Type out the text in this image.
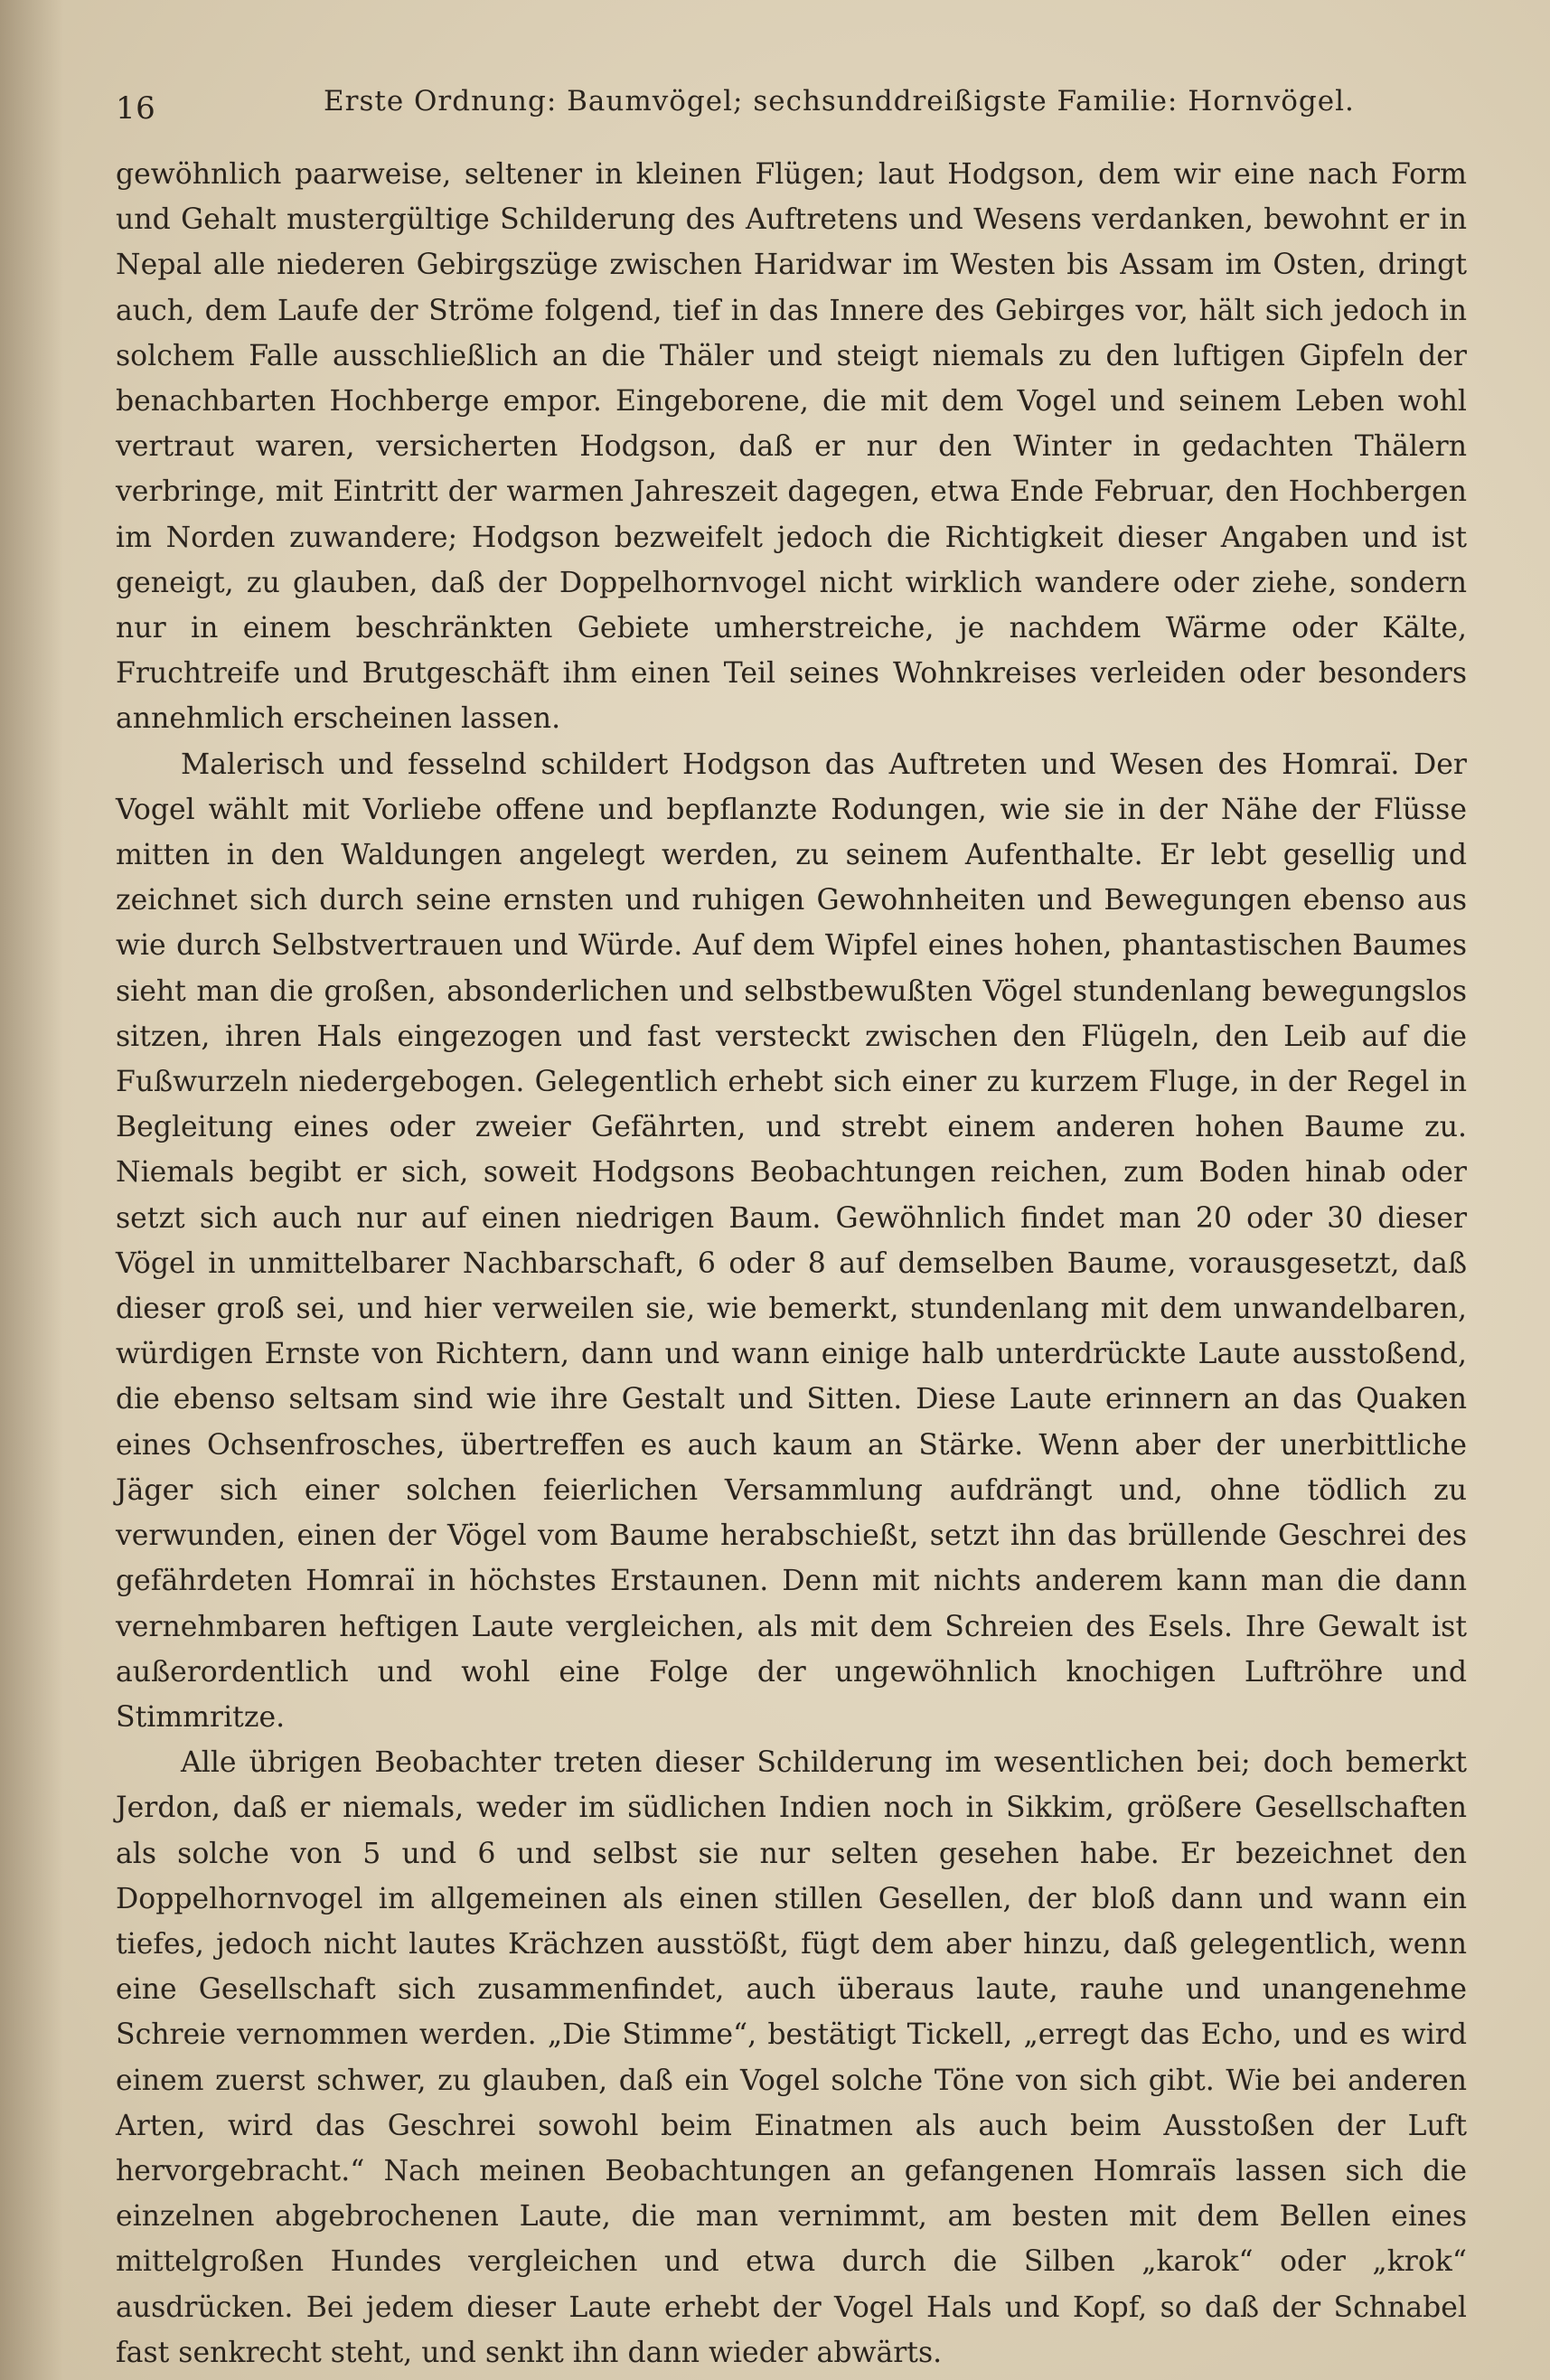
16	Erste Ordnung: Baumvögel; sechsunddreißigste Familie: Hornvögel.

gewöhnlich paarweise, seltener in kleinen Flügen; laut Hodgson, dem wir eine nach Form und Gehalt mustergültige Schilderung des Auftretens und Wesens verdanken, bewohnt er in Nepal alle niederen Gebirgszüge zwischen Haridwar im Westen bis Assam im Osten, dringt auch, dem Laufe der Ströme folgend, tief in das Innere des Gebirges vor, hält sich jedoch in solchem Falle ausschließlich an die Thäler und steigt niemals zu den luftigen Gipfeln der benachbarten Hochberge empor. Eingeborene, die mit dem Vogel und seinem Leben wohl vertraut waren, versicherten Hodgson, daß er nur den Winter in gedachten Thälern verbringe, mit Eintritt der warmen Jahreszeit dagegen, etwa Ende Februar, den Hochbergen im Norden zuwandere; Hodgson bezweifelt jedoch die Richtigkeit dieser Angaben und ist geneigt, zu glauben, daß der Doppelhornvogel nicht wirklich wandere oder ziehe, sondern nur in einem beschränkten Gebiete umherstreiche, je nachdem Wärme oder Kälte, Fruchtreife und Brutgeschäft ihm einen Teil seines Wohnkreises verleiden oder besonders annehmlich erscheinen lassen.

Malerisch und fesselnd schildert Hodgson das Auftreten und Wesen des Homraï. Der Vogel wählt mit Vorliebe offene und bepflanzte Rodungen, wie sie in der Nähe der Flüsse mitten in den Waldungen angelegt werden, zu seinem Aufenthalte. Er lebt gesellig und zeichnet sich durch seine ernsten und ruhigen Gewohnheiten und Bewegungen ebenso aus wie durch Selbstvertrauen und Würde. Auf dem Wipfel eines hohen, phantastischen Baumes sieht man die großen, absonderlichen und selbstbewußten Vögel stundenlang bewegungslos sitzen, ihren Hals eingezogen und fast versteckt zwischen den Flügeln, den Leib auf die Fußwurzeln niedergebogen. Gelegentlich erhebt sich einer zu kurzem Fluge, in der Regel in Begleitung eines oder zweier Gefährten, und strebt einem anderen hohen Baume zu. Niemals begibt er sich, soweit Hodgsons Beobachtungen reichen, zum Boden hinab oder setzt sich auch nur auf einen niedrigen Baum. Gewöhnlich findet man 20 oder 30 dieser Vögel in unmittelbarer Nachbarschaft, 6 oder 8 auf demselben Baume, vorausgesetzt, daß dieser groß sei, und hier verweilen sie, wie bemerkt, stundenlang mit dem unwandelbaren, würdigen Ernste von Richtern, dann und wann einige halb unterdrückte Laute ausstoßend, die ebenso seltsam sind wie ihre Gestalt und Sitten. Diese Laute erinnern an das Quaken eines Ochsenfrosches, übertreffen es auch kaum an Stärke. Wenn aber der unerbittliche Jäger sich einer solchen feierlichen Versammlung aufdrängt und, ohne tödlich zu verwunden, einen der Vögel vom Baume herabschießt, setzt ihn das brüllende Geschrei des gefährdeten Homraï in höchstes Erstaunen. Denn mit nichts anderem kann man die dann vernehmbaren heftigen Laute vergleichen, als mit dem Schreien des Esels. Ihre Gewalt ist außerordentlich und wohl eine Folge der ungewöhnlich knochigen Luftröhre und Stimmritze.

Alle übrigen Beobachter treten dieser Schilderung im wesentlichen bei; doch bemerkt Jerdon, daß er niemals, weder im südlichen Indien noch in Sikkim, größere Gesellschaften als solche von 5 und 6 und selbst sie nur selten gesehen habe. Er bezeichnet den Doppelhornvogel im allgemeinen als einen stillen Gesellen, der bloß dann und wann ein tiefes, jedoch nicht lautes Krächzen ausstößt, fügt dem aber hinzu, daß gelegentlich, wenn eine Gesellschaft sich zusammenfindet, auch überaus laute, rauhe und unangenehme Schreie vernommen werden. „Die Stimme“, bestätigt Tickell, „erregt das Echo, und es wird einem zuerst schwer, zu glauben, daß ein Vogel solche Töne von sich gibt. Wie bei anderen Arten, wird das Geschrei sowohl beim Einatmen als auch beim Ausstoßen der Luft hervorgebracht.“ Nach meinen Beobachtungen an gefangenen Homraïs lassen sich die einzelnen abgebrochenen Laute, die man vernimmt, am besten mit dem Bellen eines mittelgroßen Hundes vergleichen und etwa durch die Silben „karok“ oder „krok“ ausdrücken. Bei jedem dieser Laute erhebt der Vogel Hals und Kopf, so daß der Schnabel fast senkrecht steht, und senkt ihn dann wieder abwärts.
